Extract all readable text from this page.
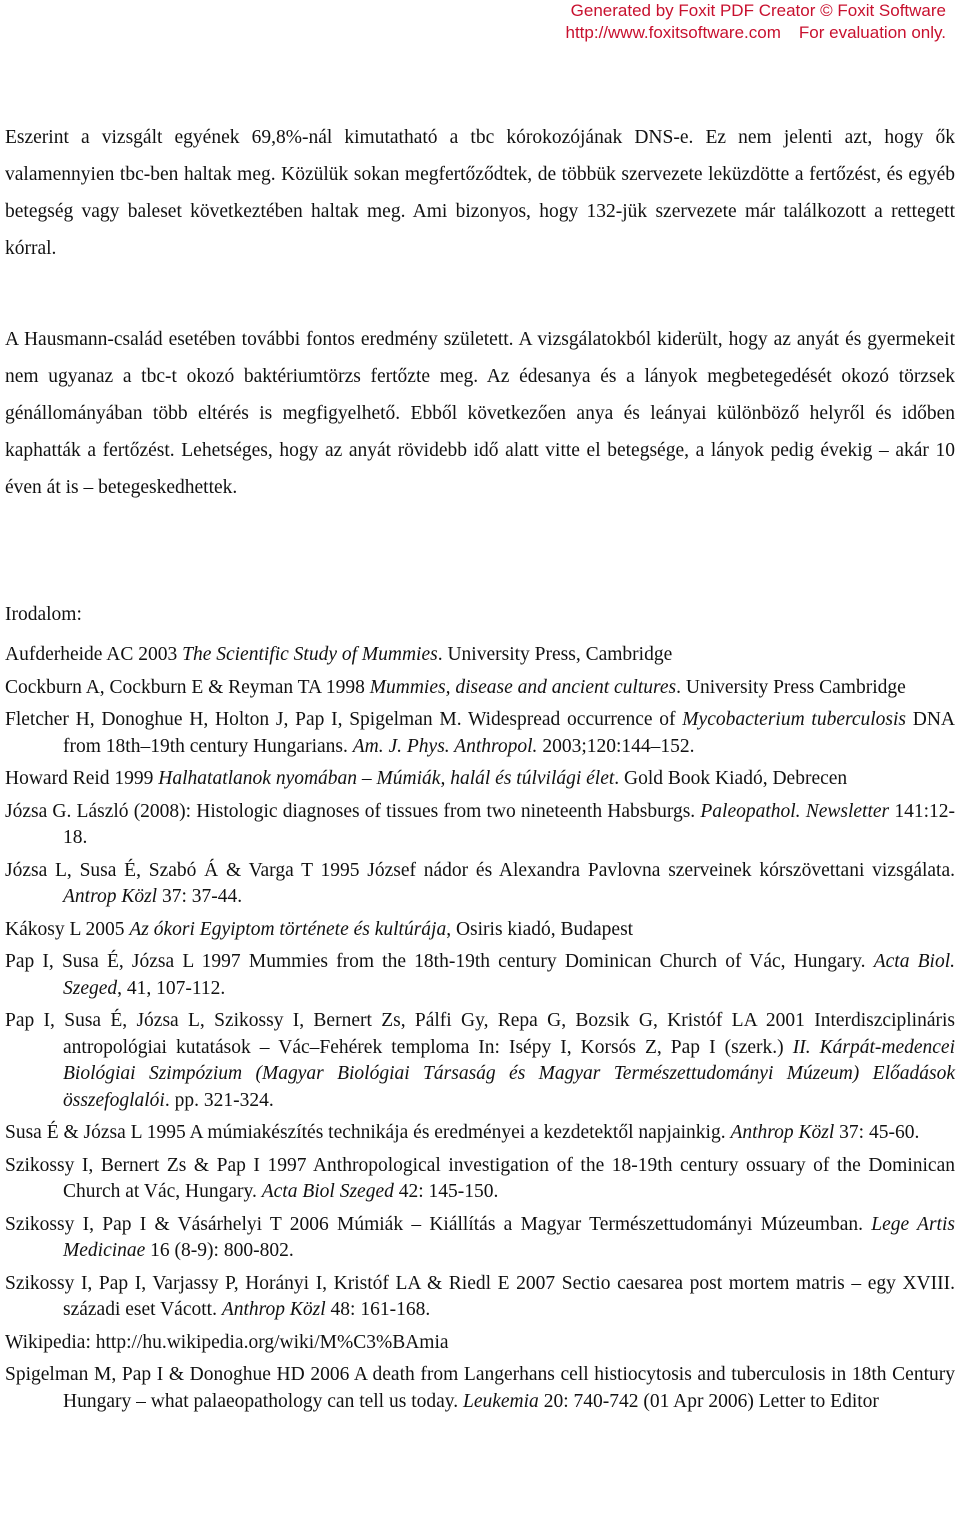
Generated by Foxit PDF Creator © Foxit Software
http://www.foxitsoftware.com For evaluation only.

Eszerint a vizsgált egyének 69,8%-nál kimutatható a tbc kórokozójának DNS-e. Ez nem jelenti azt, hogy ők valamennyien tbc-ben haltak meg. Közülük sokan megfertőződtek, de többük szervezete leküzdötte a fertőzést, és egyéb betegség vagy baleset következtében haltak meg. Ami bizonyos, hogy 132-jük szervezete már találkozott a rettegett kórral.

A Hausmann-család esetében további fontos eredmény született. A vizsgálatokból kiderült, hogy az anyát és gyermekeit nem ugyanaz a tbc-t okozó baktériumtörzs fertőzte meg. Az édesanya és a lányok megbetegedését okozó törzsek génállományában több eltérés is megfigyelhető. Ebből következően anya és leányai különböző helyről és időben kaphatták a fertőzést. Lehetséges, hogy az anyát rövidebb idő alatt vitte el betegsége, a lányok pedig évekig – akár 10 éven át is – betegeskedhettek.

Irodalom:

Aufderheide AC 2003 The Scientific Study of Mummies. University Press, Cambridge
Cockburn A, Cockburn E & Reyman TA 1998 Mummies, disease and ancient cultures. University Press Cambridge
Fletcher H, Donoghue H, Holton J, Pap I, Spigelman M. Widespread occurrence of Mycobacterium tuberculosis DNA from 18th–19th century Hungarians. Am. J. Phys. Anthropol. 2003;120:144–152.
Howard Reid 1999 Halhatatlanok nyomában – Múmiák, halál és túlvilági élet. Gold Book Kiadó, Debrecen
Józsa G. László (2008): Histologic diagnoses of tissues from two nineteenth Habsburgs. Paleopathol. Newsletter 141:12-18.
Józsa L, Susa É, Szabó Á & Varga T 1995 József nádor és Alexandra Pavlovna szerveinek kórszövettani vizsgálata. Antrop Közl 37: 37-44.
Kákosy L 2005 Az ókori Egyiptom története és kultúrája, Osiris kiadó, Budapest
Pap I, Susa É, Józsa L 1997 Mummies from the 18th-19th century Dominican Church of Vác, Hungary. Acta Biol. Szeged, 41, 107-112.
Pap I, Susa É, Józsa L, Szikossy I, Bernert Zs, Pálfi Gy, Repa G, Bozsik G, Kristóf LA 2001 Interdiszciplináris antropológiai kutatások – Vác–Fehérek temploma In: Isépy I, Korsós Z, Pap I (szerk.) II. Kárpát-medencei Biológiai Szimpózium (Magyar Biológiai Társaság és Magyar Természettudományi Múzeum) Előadások összefoglalói. pp. 321-324.
Susa É & Józsa L 1995 A múmiakészítés technikája és eredményei a kezdetektől napjainkig. Anthrop Közl 37: 45-60.
Szikossy I, Bernert Zs & Pap I 1997 Anthropological investigation of the 18-19th century ossuary of the Dominican Church at Vác, Hungary. Acta Biol Szeged 42: 145-150.
Szikossy I, Pap I & Vásárhelyi T 2006 Múmiák – Kiállítás a Magyar Természettudományi Múzeumban. Lege Artis Medicinae 16 (8-9): 800-802.
Szikossy I, Pap I, Varjassy P, Horányi I, Kristóf LA & Riedl E 2007 Sectio caesarea post mortem matris – egy XVIII. századi eset Vácott. Anthrop Közl 48: 161-168.
Wikipedia: http://hu.wikipedia.org/wiki/M%C3%BAmia
Spigelman M, Pap I & Donoghue HD 2006 A death from Langerhans cell histiocytosis and tuberculosis in 18th Century Hungary – what palaeopathology can tell us today. Leukemia 20: 740-742 (01 Apr 2006) Letter to Editor
